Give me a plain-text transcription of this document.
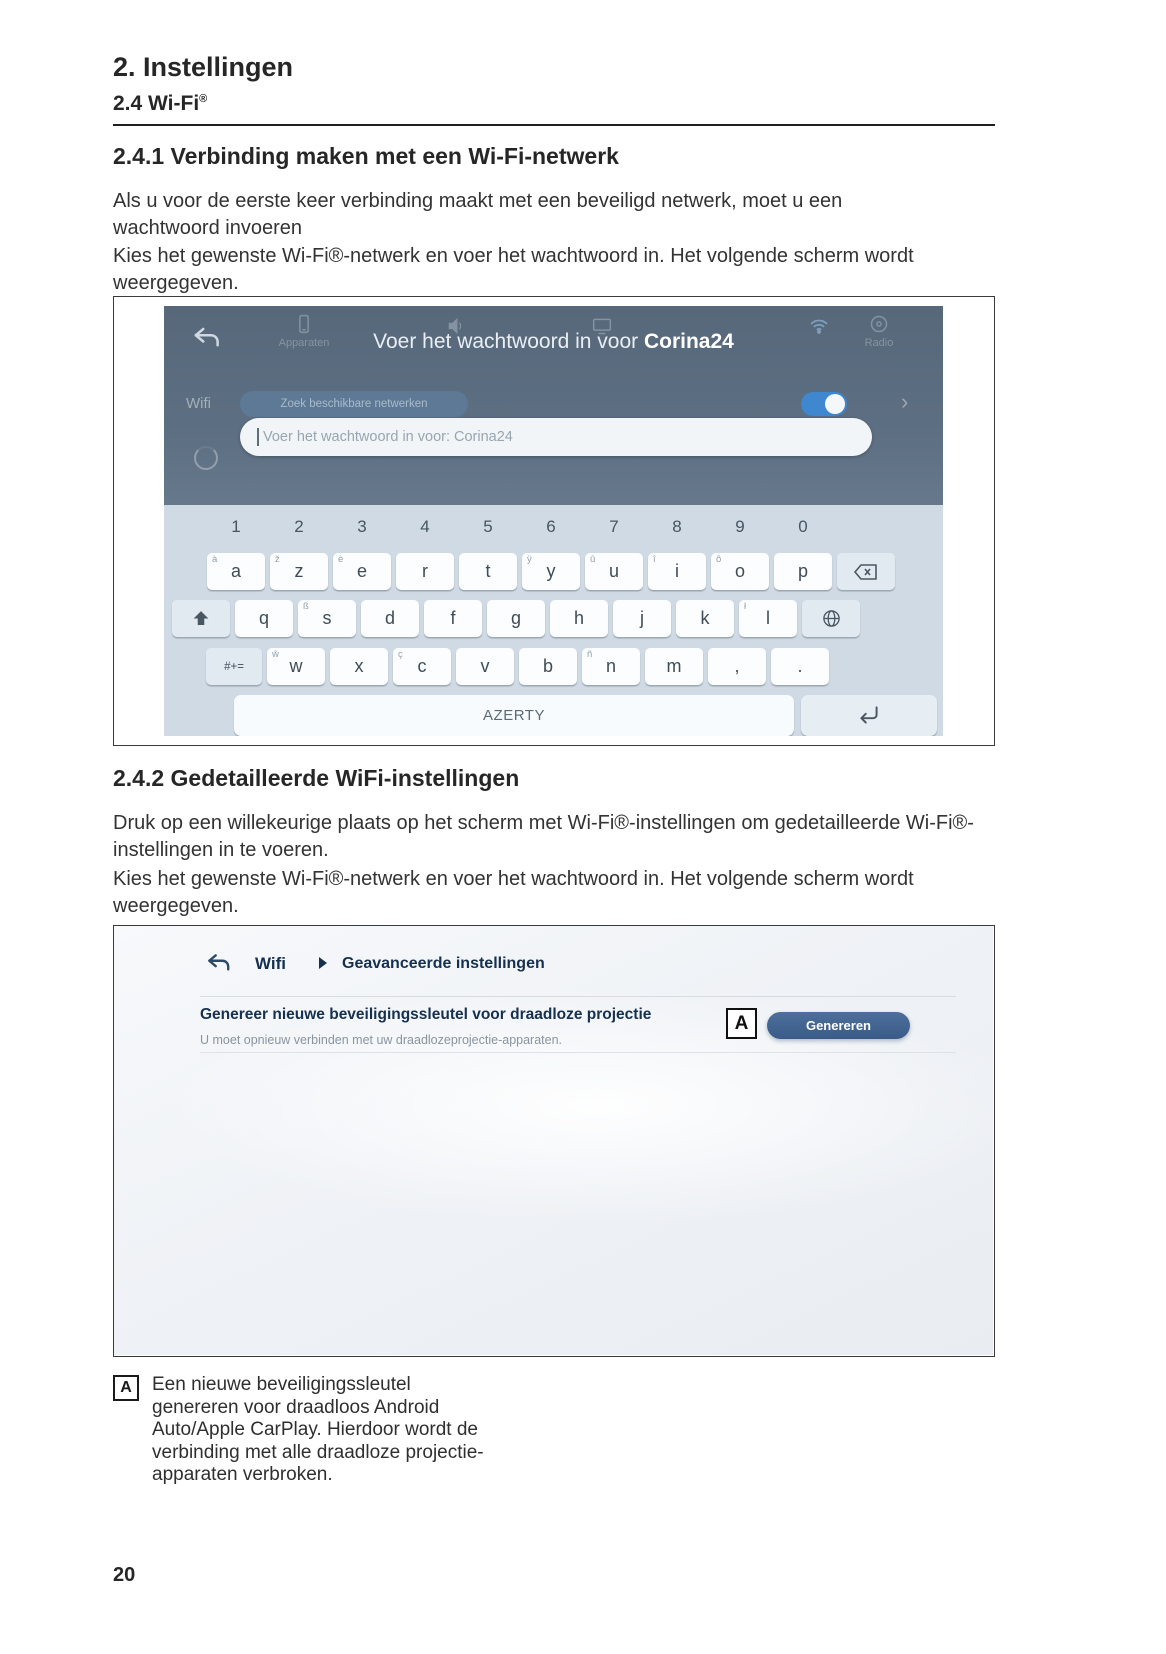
2. Instellingen
2.4 Wi-Fi®
2.4.1 Verbinding maken met een Wi-Fi-netwerk

Als u voor de eerste keer verbinding maakt met een beveiligd netwerk, moet u een wachtwoord invoeren

Kies het gewenste Wi-Fi®-netwerk en voer het wachtwoord in. Het volgende scherm wordt weergegeven.

Apparaten	Radio
Voer het wachtwoord in voor Corina24
Wifi	Zoek beschikbare netwerken	›
Voer het wachtwoord in voor: Corina24
1	2	3	4	5	6	7	8	9	0
à
a
ž
z
è
e	r	t
ÿ
y
û
u
î
i
ô
o	p
q
ß
s	d	f	g	h	j	k
ł
l
#+=
ŵ
w	x
ç
c	v	b
ñ
n	m	,	.
AZERTY
2.4.2 Gedetailleerde WiFi-instellingen

Druk op een willekeurige plaats op het scherm met Wi-Fi®-instellingen om gedetailleerde Wi-Fi®-instellingen in te voeren.

Kies het gewenste Wi-Fi®-netwerk en voer het wachtwoord in. Het volgende scherm wordt weergegeven.

Wifi	Geavanceerde instellingen
Genereer nieuwe beveiligingssleutel voor draadloze projectie
U moet opnieuw verbinden met uw draadlozeprojectie-apparaten.
A	Genereren
A	Een nieuwe beveiligingssleutel genereren voor draadloos Android Auto/Apple CarPlay. Hierdoor wordt de verbinding met alle draadloze projectie-apparaten verbroken.

20
